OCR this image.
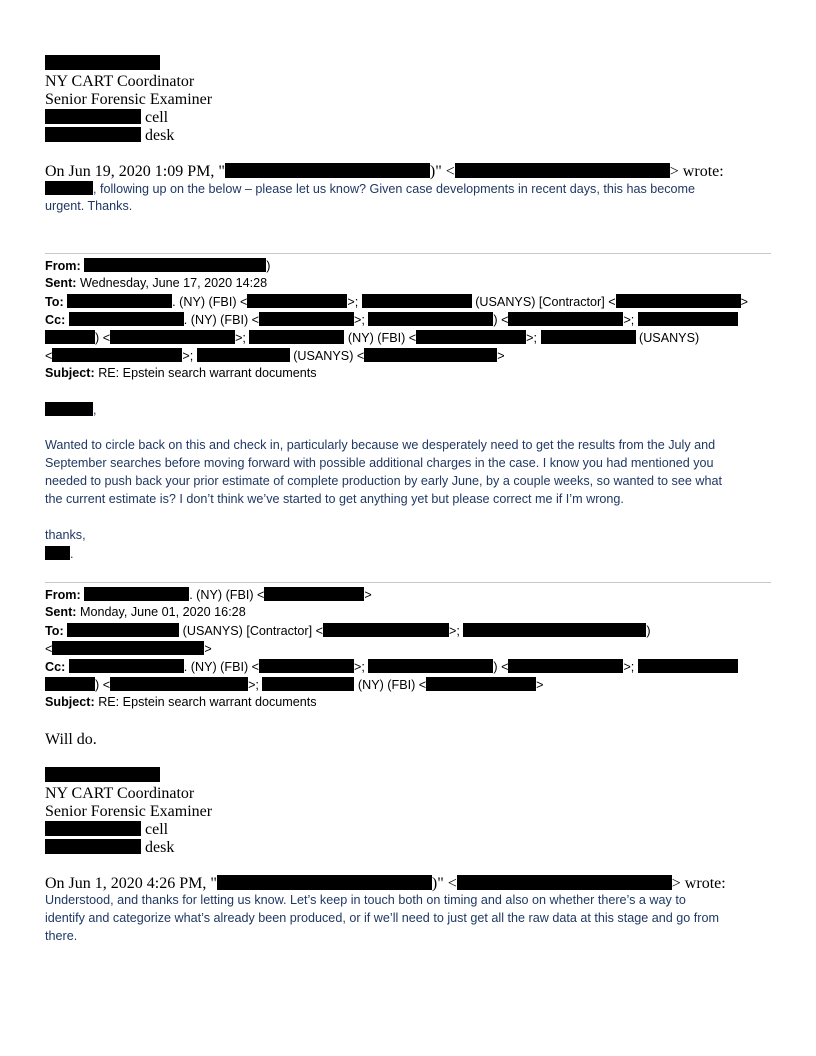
NY CART Coordinator
Senior Forensic Examiner
cell
desk
On Jun 19, 2020 1:09 PM, "	)" <	> wrote:
, following up on the below – please let us know? Given case developments in recent days, this has become
urgent. Thanks.
From:	)
Sent: Wednesday, June 17, 2020 14:28
To:	. (NY) (FBI) <	>;	(USANYS) [Contractor] <	>
Cc:	. (NY) (FBI) <	>;	) <	>;
) <	>;	(NY) (FBI) <	>;	(USANYS)
<	>;	(USANYS) <	>
Subject: RE: Epstein search warrant documents
,
Wanted to circle back on this and check in, particularly because we desperately need to get the results from the July and
September searches before moving forward with possible additional charges in the case. I know you had mentioned you
needed to push back your prior estimate of complete production by early June, by a couple weeks, so wanted to see what
the current estimate is? I don’t think we’ve started to get anything yet but please correct me if I’m wrong.
thanks,
.
From:	. (NY) (FBI) <	>
Sent: Monday, June 01, 2020 16:28
To:	(USANYS) [Contractor] <	>;	)
<	>
Cc:	. (NY) (FBI) <	>;	) <	>;
) <	>;	(NY) (FBI) <	>
Subject: RE: Epstein search warrant documents
Will do.
NY CART Coordinator
Senior Forensic Examiner
cell
desk
On Jun 1, 2020 4:26 PM, "	)" <	> wrote:
Understood, and thanks for letting us know. Let’s keep in touch both on timing and also on whether there’s a way to
identify and categorize what’s already been produced, or if we’ll need to just get all the raw data at this stage and go from
there.
